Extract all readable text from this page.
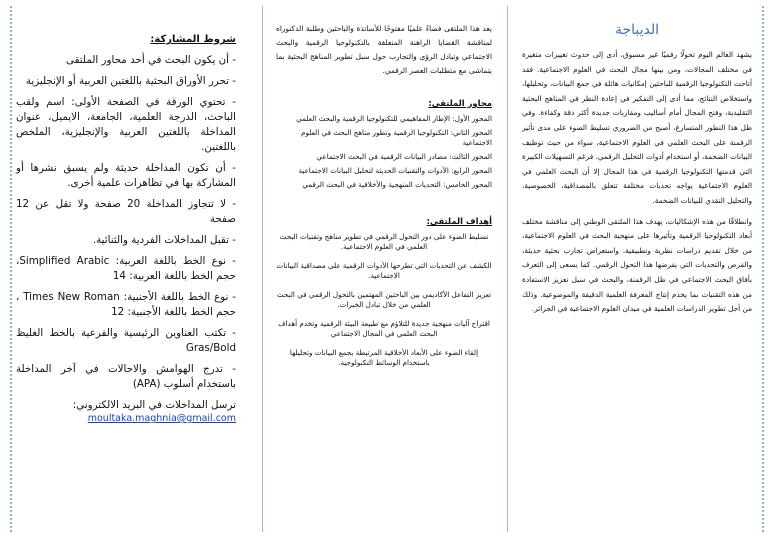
شروط المشاركة:
- أن يكون البحث في أحد محاور الملتقى
- تحرر الأوراق البحثية باللغتين العربية أو الإنجليزية
- تحتوي الورقة في الصفحة الأولى: اسم ولقب الباحث، الدرجة العلمية، الجامعة، الايميل، عنوان المداخلة باللغتين العربية والإنجليزية، الملخص باللغتين.
- أن تكون المداخلة حديثة ولم يسبق نشرها أو المشاركة بها في تظاهرات علمية أخرى.
- لا تتجاوز المداخلة 20 صفحة ولا تقل عن 12 صفحة
- تقبل المداخلات الفردية والثنائية.
- نوع الخط باللغة العربية: Simplified Arabic، حجم الخط باللغة العربية: 14
- نوع الخط باللغة الأجنبية: Times New Roman ، حجم الخط باللغة الأجنبية: 12
- تكتب العناوين الرئيسية والفرعية بالخط الغليظ Gras/Bold
- تدرج الهوامش والاحالات في آخر المداخلة باستخدام أسلوب (APA)
ترسل المداخلات في البريد الالكتروني:
moultaka.maghnia@gmail.com

يعد هذا الملتقى فضاءً علميًا مفتوحًا للأساتذة والباحثين وطلبة الدكتوراه لمناقشة القضايا الراهنة المتعلقة بالتكنولوجيا الرقمية والبحث الاجتماعي وتبادل الرؤى والتجارب حول سبل تطوير المناهج البحثية بما يتماشى مع متطلبات العصر الرقمي.

محاور الملتقى:
المحور الأول: الإطار المفاهيمي للتكنولوجيا الرقمية والبحث العلمي
المحور الثاني: التكنولوجيا الرقمية وتطور مناهج البحث في العلوم الاجتماعية
المحور الثالث: مصادر البيانات الرقمية في البحث الاجتماعي
المحور الرابع: الأدوات والتقنيات الحديثة لتحليل البيانات الاجتماعية
المحور الخامس: التحديات المنهجية والأخلاقية في البحث الرقمي
أهداف الملتقى:
تسليط الضوء على دور التحول الرقمي في تطوير مناهج وتقنيات البحث العلمي في العلوم الاجتماعية.
الكشف عن التحديات التي تطرحها الأدوات الرقمية على مصداقية البيانات الاجتماعية.
تعزيز التفاعل الأكاديمي بين الباحثين المهتمين بالتحول الرقمي في البحث العلمي من خلال تبادل الخبرات.
اقتراح آليات منهجية جديدة للتلاؤم مع طبيعة البيئة الرقمية وتخدم أهداف البحث العلمي في المجال الاجتماعي
إلقاء الضوء على الأبعاد الأخلاقية المرتبطة بجمع البيانات وتحليلها باستخدام الوسائط التكنولوجية.
الديباجة

يشهد العالم اليوم تحولًا رقميًا غير مسبوق، أدى إلى حدوث تغييرات متغيرة في مختلف المجالات، ومن بينها مجال البحث في العلوم الاجتماعية. فقد أتاحت التكنولوجيا الرقمية للباحثين إمكانيات هائلة في جمع البيانات، وتحليلها، واستخلاص النتائج، مما أدى إلى التفكير في إعادة النظر في المناهج البحثية التقليدية، وفتح المجال أمام أساليب ومقاربات جديدة أكثر دقة وكفاءة. وفي ظل هذا التطور المتسارع، أصبح من الضروري تسليط الضوء على مدى تأثير الرقمنة على البحث العلمي في العلوم الاجتماعية، سواء من حيث توظيف البيانات الضخمة، أو استخدام أدوات التحليل الرقمي. فرغم التسهيلات الكبيرة التي قدمتها التكنولوجيا الرقمية في هذا المجال إلا أن البحث العلمي في العلوم الاجتماعية يواجه تحديات مختلفة تتعلق بالمصداقية، الخصوصية، والتحليل النقدي للبيانات الضخمة.

وانطلاقًا من هذه الإشكاليات، يهدف هذا الملتقى الوطني إلى مناقشة مختلف أبعاد التكنولوجيا الرقمية وتأثيرها على منهجية البحث في العلوم الاجتماعية، من خلال تقديم دراسات نظرية وتطبيقية، واستعراض تجارب بحثية حديثة، والفرص والتحديات التي يفرضها هذا التحول الرقمي. كما يسعى إلى التعرف بأفاق البحث الاجتماعي في ظل الرقمنة، والبحث في سبل تعزيز الاستفادة من هذه التقنيات بما يخدم إنتاج المعرفة العلمية الدقيقة والموضوعية. وذلك من أجل تطوير الدراسات العلمية في ميدان العلوم الاجتماعية في الجزائر.
